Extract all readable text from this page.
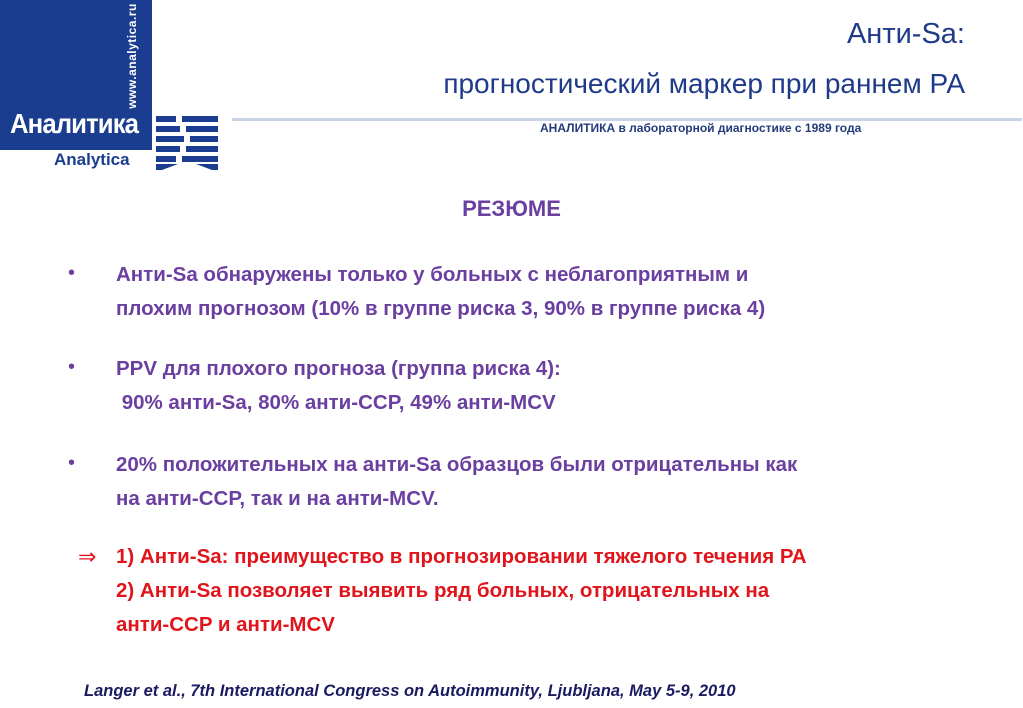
www.analytica.ru
Аналитика
Analytica
Анти-Sa:
прогностический маркер при раннем РА
АНАЛИТИКА в лабораторной диагностике с 1989 года
РЕЗЮМЕ
• Анти-Sa обнаружены только у больных с неблагоприятным и
плохим прогнозом (10% в группе риска 3, 90% в группе риска 4)
• PPV для плохого прогноза (группа риска 4):
90% анти-Sa, 80% анти-CCP, 49% анти-MCV
• 20% положительных на анти-Sa образцов были отрицательны как
на анти-CCP, так и на анти-MCV.
⇒ 1) Анти-Sa: преимущество в прогнозировании тяжелого течения РА
2) Анти-Sa позволяет выявить ряд больных, отрицательных на
анти-CCP и анти-MCV
Langer et al., 7th International Congress on Autoimmunity, Ljubljana, May 5-9, 2010
